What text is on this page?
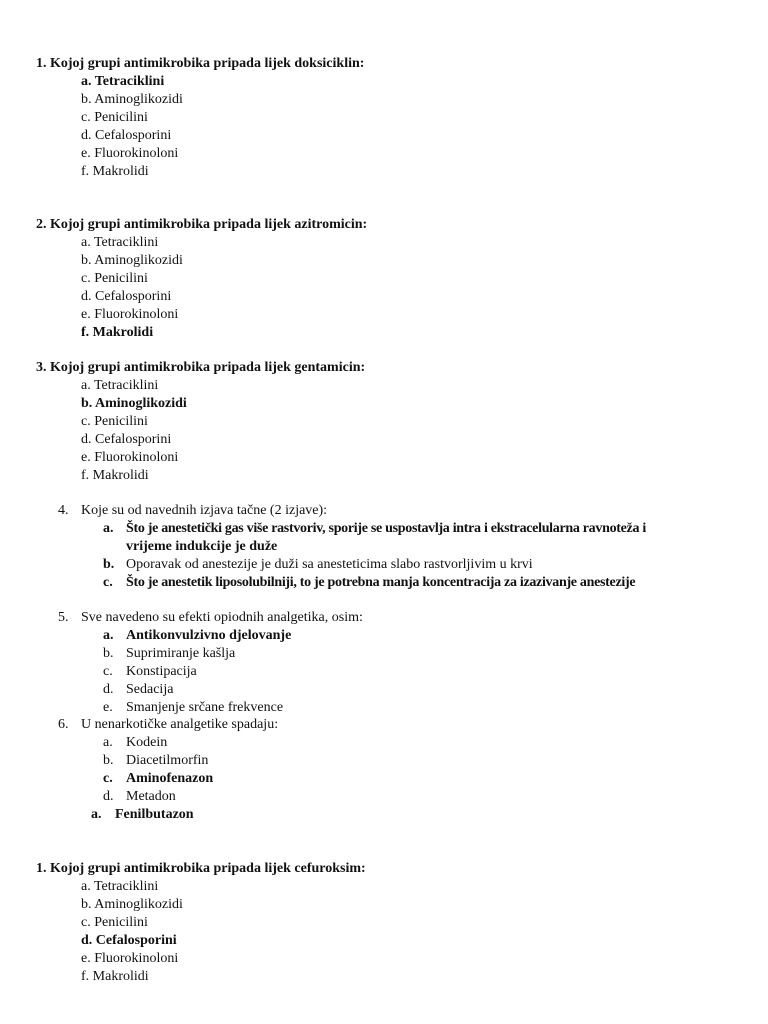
1. Kojoj grupi antimikrobika pripada lijek doksiciklin:
a. Tetraciklini
b. Aminoglikozidi
c. Penicilini
d. Cefalosporini
e. Fluorokinoloni
f. Makrolidi
2. Kojoj grupi antimikrobika pripada lijek azitromicin:
a. Tetraciklini
b. Aminoglikozidi
c. Penicilini
d. Cefalosporini
e. Fluorokinoloni
f. Makrolidi
3. Kojoj grupi antimikrobika pripada lijek gentamicin:
a. Tetraciklini
b. Aminoglikozidi
c. Penicilini
d. Cefalosporini
e. Fluorokinoloni
f. Makrolidi
4. Koje su od navednih izjava tačne (2 izjave):
a. Što je anestetički gas više rastvoriv, sporije se uspostavlja intra i ekstracelularna ravnoteža i
vrijeme indukcije je duže
b. Oporavak od anestezije je duži sa anesteticima slabo rastvorljivim u krvi
c. Što je anestetik liposolubilniji, to je potrebna manja koncentracija za izazivanje anestezije
5. Sve navedeno su efekti opiodnih analgetika, osim:
a. Antikonvulzivno djelovanje
b. Suprimiranje kašlja
c. Konstipacija
d. Sedacija
e. Smanjenje srčane frekvence
6. U nenarkotičke analgetike spadaju:
a. Kodein
b. Diacetilmorfin
c. Aminofenazon
d. Metadon
a. Fenilbutazon
1. Kojoj grupi antimikrobika pripada lijek cefuroksim:
a. Tetraciklini
b. Aminoglikozidi
c. Penicilini
d. Cefalosporini
e. Fluorokinoloni
f. Makrolidi
